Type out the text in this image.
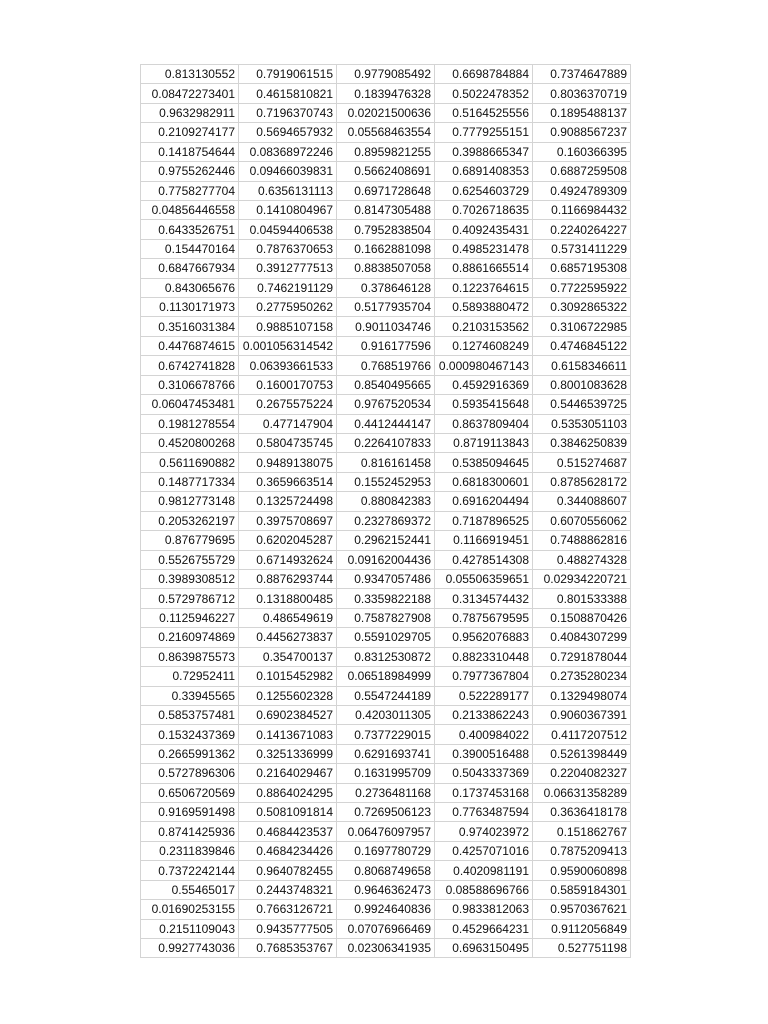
0.813130552	0.7919061515	0.9779085492	0.6698784884	0.7374647889
0.08472273401	0.4615810821	0.1839476328	0.5022478352	0.8036370719
0.9632982911	0.7196370743	0.02021500636	0.5164525556	0.1895488137
0.2109274177	0.5694657932	0.05568463554	0.7779255151	0.9088567237
0.1418754644	0.08368972246	0.8959821255	0.3988665347	0.160366395
0.9755262446	0.09466039831	0.5662408691	0.6891408353	0.6887259508
0.7758277704	0.6356131113	0.6971728648	0.6254603729	0.4924789309
0.04856446558	0.1410804967	0.8147305488	0.7026718635	0.1166984432
0.6433526751	0.04594406538	0.7952838504	0.4092435431	0.2240264227
0.154470164	0.7876370653	0.1662881098	0.4985231478	0.5731411229
0.6847667934	0.3912777513	0.8838507058	0.8861665514	0.6857195308
0.843065676	0.7462191129	0.378646128	0.1223764615	0.7722595922
0.1130171973	0.2775950262	0.5177935704	0.5893880472	0.3092865322
0.3516031384	0.9885107158	0.9011034746	0.2103153562	0.3106722985
0.4476874615	0.001056314542	0.916177596	0.1274608249	0.4746845122
0.6742741828	0.06393661533	0.768519766	0.000980467143	0.6158346611
0.3106678766	0.1600170753	0.8540495665	0.4592916369	0.8001083628
0.06047453481	0.2675575224	0.9767520534	0.5935415648	0.5446539725
0.1981278554	0.477147904	0.4412444147	0.8637809404	0.5353051103
0.4520800268	0.5804735745	0.2264107833	0.8719113843	0.3846250839
0.5611690882	0.9489138075	0.816161458	0.5385094645	0.515274687
0.1487717334	0.3659663514	0.1552452953	0.6818300601	0.8785628172
0.9812773148	0.1325724498	0.880842383	0.6916204494	0.344088607
0.2053262197	0.3975708697	0.2327869372	0.7187896525	0.6070556062
0.876779695	0.6202045287	0.2962152441	0.1166919451	0.7488862816
0.5526755729	0.6714932624	0.09162004436	0.4278514308	0.488274328
0.3989308512	0.8876293744	0.9347057486	0.05506359651	0.02934220721
0.5729786712	0.1318800485	0.3359822188	0.3134574432	0.801533388
0.1125946227	0.486549619	0.7587827908	0.7875679595	0.1508870426
0.2160974869	0.4456273837	0.5591029705	0.9562076883	0.4084307299
0.8639875573	0.354700137	0.8312530872	0.8823310448	0.7291878044
0.72952411	0.1015452982	0.06518984999	0.7977367804	0.2735280234
0.33945565	0.1255602328	0.5547244189	0.522289177	0.1329498074
0.5853757481	0.6902384527	0.4203011305	0.2133862243	0.9060367391
0.1532437369	0.1413671083	0.7377229015	0.400984022	0.4117207512
0.2665991362	0.3251336999	0.6291693741	0.3900516488	0.5261398449
0.5727896306	0.2164029467	0.1631995709	0.5043337369	0.2204082327
0.6506720569	0.8864024295	0.2736481168	0.1737453168	0.06631358289
0.9169591498	0.5081091814	0.7269506123	0.7763487594	0.3636418178
0.8741425936	0.4684423537	0.06476097957	0.974023972	0.151862767
0.2311839846	0.4684234426	0.1697780729	0.4257071016	0.7875209413
0.7372242144	0.9640782455	0.8068749658	0.4020981191	0.9590060898
0.55465017	0.2443748321	0.9646362473	0.08588696766	0.5859184301
0.01690253155	0.7663126721	0.9924640836	0.9833812063	0.9570367621
0.2151109043	0.9435777505	0.07076966469	0.4529664231	0.9112056849
0.9927743036	0.7685353767	0.02306341935	0.6963150495	0.527751198
